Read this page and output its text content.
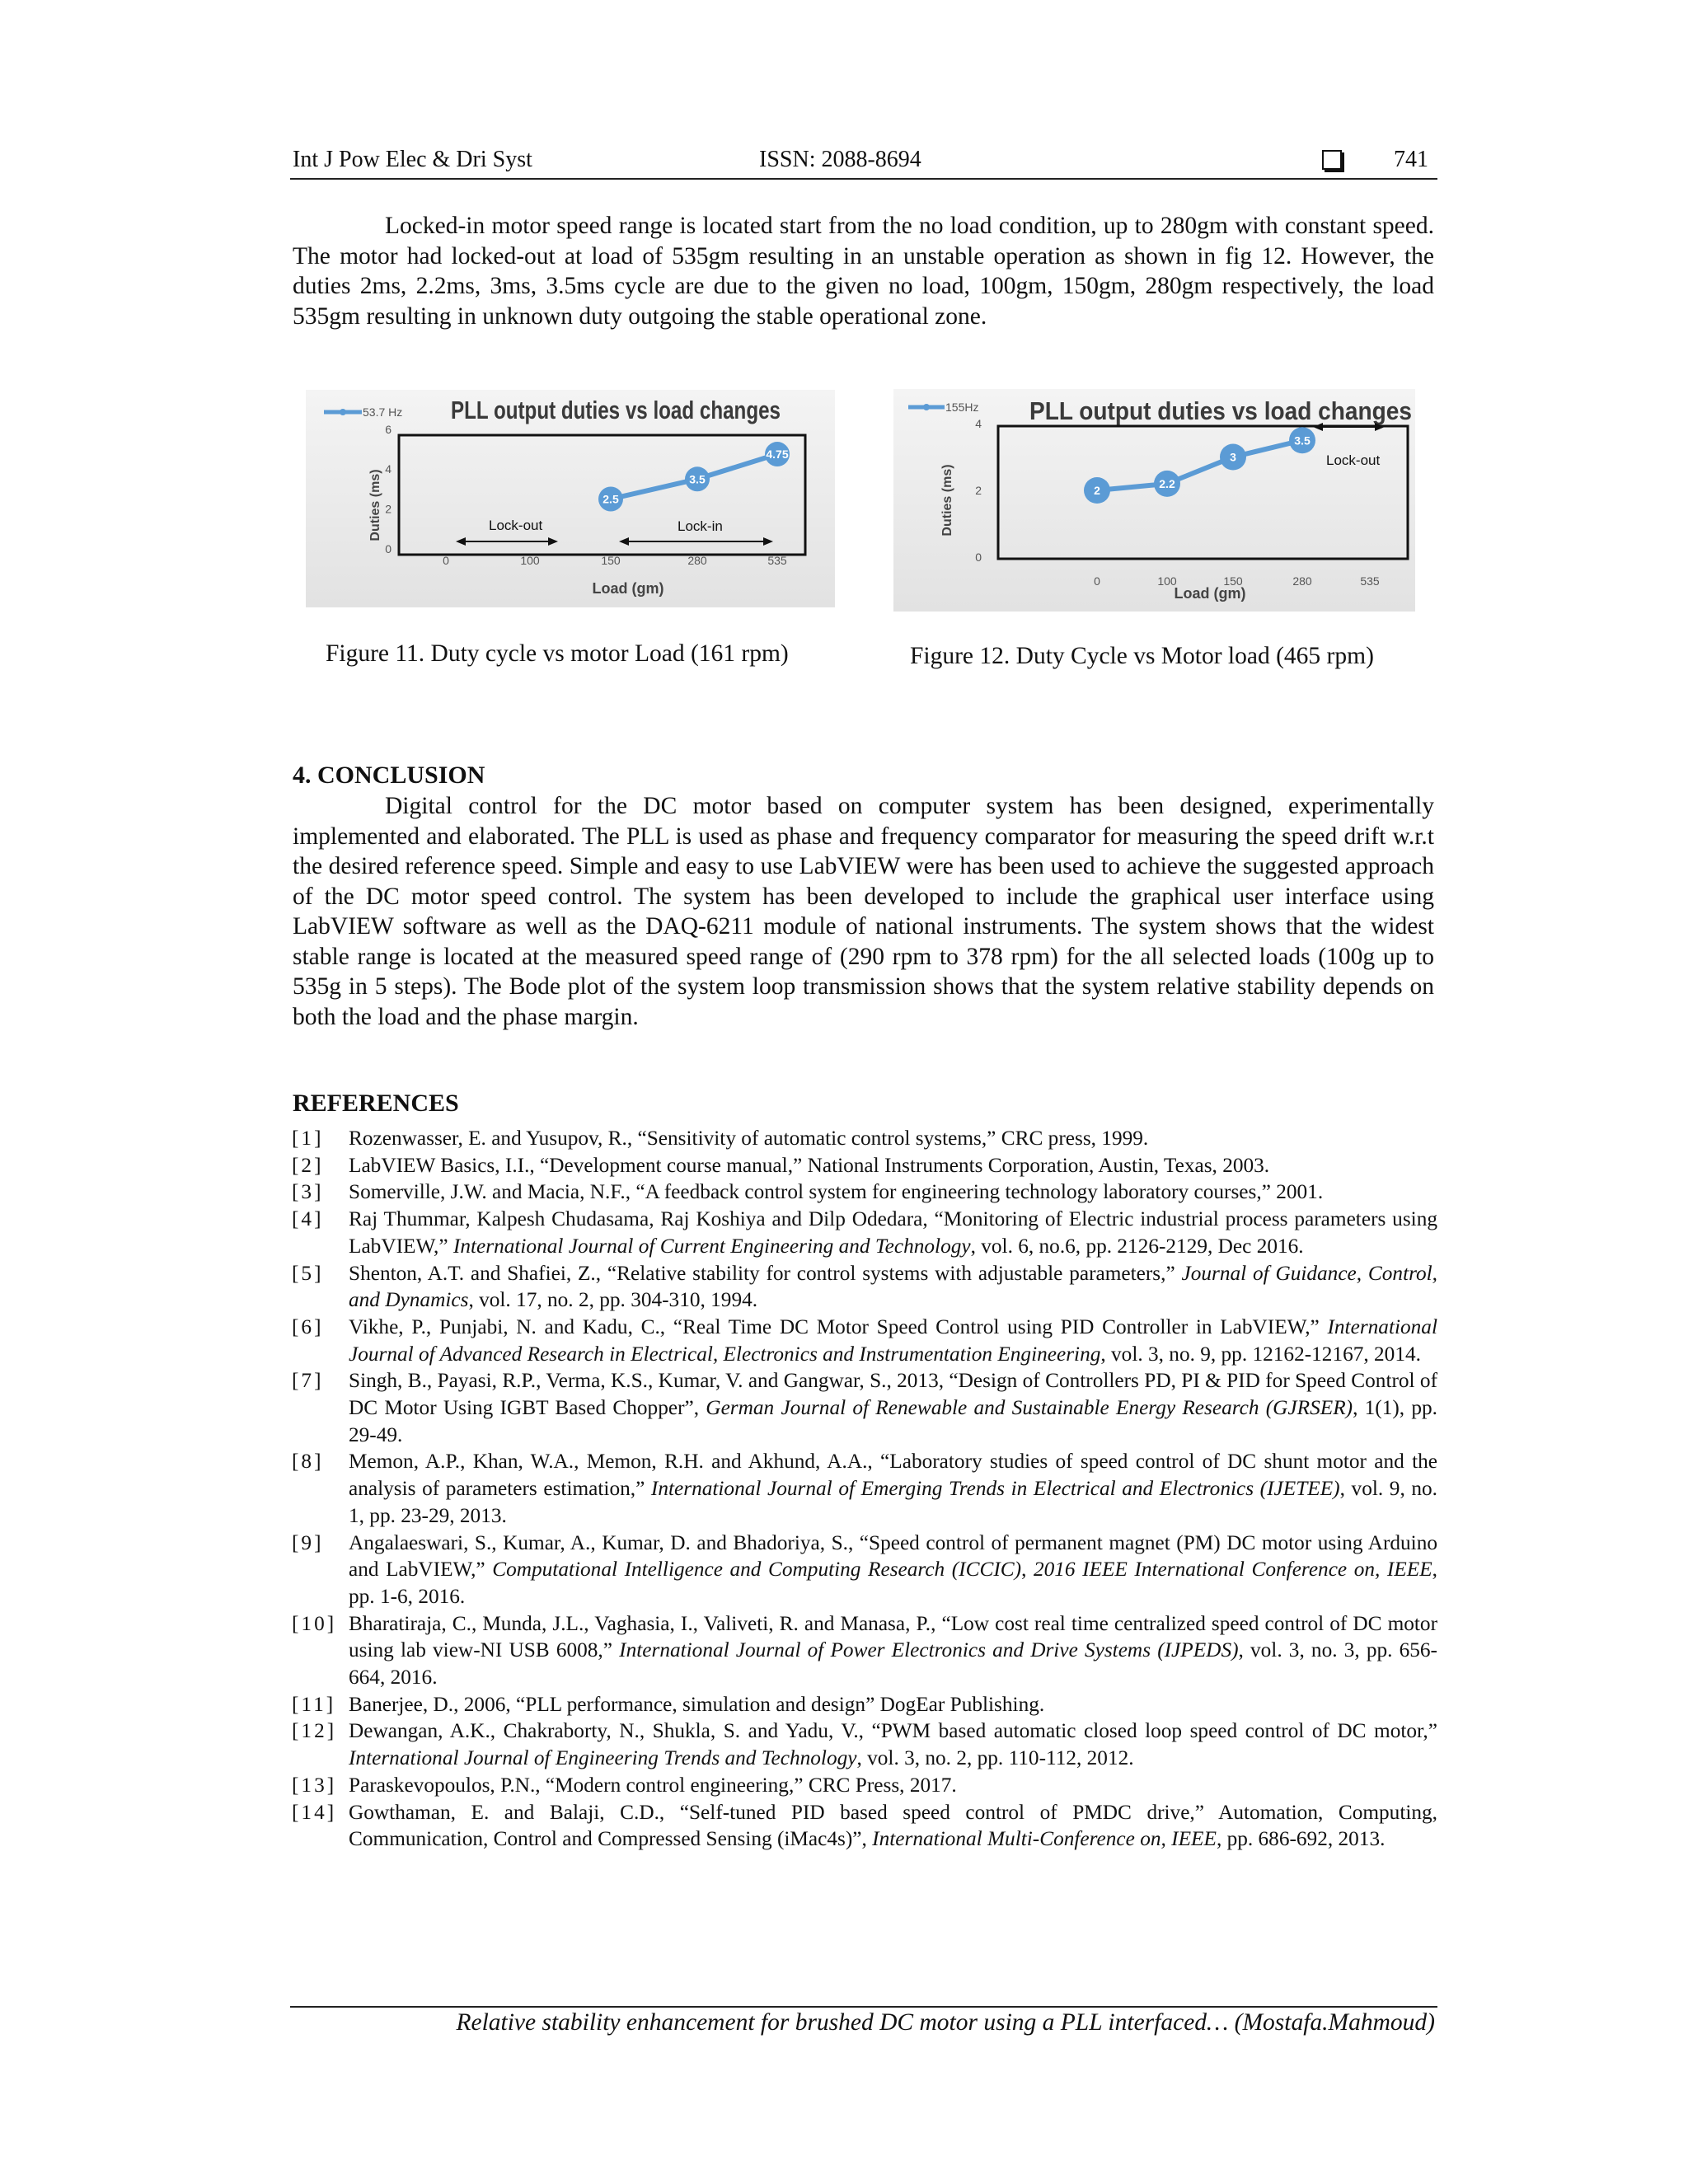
Int J Pow Elec & Dri Syst	ISSN: 2088-8694	741
Locked-in motor speed range is located start from the no load condition, up to 280gm with constant speed. The motor had locked-out at load of 535gm resulting in an unstable operation as shown in fig 12. However, the duties 2ms, 2.2ms, 3ms, 3.5ms cycle are due to the given no load, 100gm, 150gm, 280gm respectively, the load 535gm resulting in unknown duty outgoing the stable operational zone.
53.7 Hz PLL output duties vs load changes
Duties (ms)
Load (gm)
0
2
4
6
0	100	150	280	535
Lock-out	Lock-in
2.5
3.5
4.75
Figure 11. Duty cycle vs motor Load (161 rpm)
155Hz PLL output duties vs load changes
Duties (ms)
Load (gm)
0
2
4
0	100	150	280	535
Lock-out
2
2.2
3
3.5
Figure 12. Duty Cycle vs Motor load (465 rpm)
4. CONCLUSION
Digital control for the DC motor based on computer system has been designed, experimentally implemented and elaborated. The PLL is used as phase and frequency comparator for measuring the speed drift w.r.t the desired reference speed. Simple and easy to use LabVIEW were has been used to achieve the suggested approach of the DC motor speed control. The system has been developed to include the graphical user interface using LabVIEW software as well as the DAQ-6211 module of national instruments. The system shows that the widest stable range is located at the measured speed range of (290 rpm to 378 rpm) for the all selected loads (100g up to 535g in 5 steps). The Bode plot of the system loop transmission shows that the system relative stability depends on both the load and the phase margin.
REFERENCES
[1] Rozenwasser, E. and Yusupov, R., “Sensitivity of automatic control systems,” CRC press, 1999.
[2] LabVIEW Basics, I.I., “Development course manual,” National Instruments Corporation, Austin, Texas, 2003.
[3] Somerville, J.W. and Macia, N.F., “A feedback control system for engineering technology laboratory courses,” 2001.
[4] Raj Thummar, Kalpesh Chudasama, Raj Koshiya and Dilp Odedara, “Monitoring of Electric industrial process parameters using LabVIEW,” International Journal of Current Engineering and Technology, vol. 6, no.6, pp. 2126-2129, Dec 2016.
[5] Shenton, A.T. and Shafiei, Z., “Relative stability for control systems with adjustable parameters,” Journal of Guidance, Control, and Dynamics, vol. 17, no. 2, pp. 304-310, 1994.
[6] Vikhe, P., Punjabi, N. and Kadu, C., “Real Time DC Motor Speed Control using PID Controller in LabVIEW,” International Journal of Advanced Research in Electrical, Electronics and Instrumentation Engineering, vol. 3, no. 9, pp. 12162-12167, 2014.
[7] Singh, B., Payasi, R.P., Verma, K.S., Kumar, V. and Gangwar, S., 2013, “Design of Controllers PD, PI & PID for Speed Control of DC Motor Using IGBT Based Chopper”, German Journal of Renewable and Sustainable Energy Research (GJRSER), 1(1), pp. 29-49.
[8] Memon, A.P., Khan, W.A., Memon, R.H. and Akhund, A.A., “Laboratory studies of speed control of DC shunt motor and the analysis of parameters estimation,” International Journal of Emerging Trends in Electrical and Electronics (IJETEE), vol. 9, no. 1, pp. 23-29, 2013.
[9] Angalaeswari, S., Kumar, A., Kumar, D. and Bhadoriya, S., “Speed control of permanent magnet (PM) DC motor using Arduino and LabVIEW,” Computational Intelligence and Computing Research (ICCIC), 2016 IEEE International Conference on, IEEE, pp. 1-6, 2016.
[10] Bharatiraja, C., Munda, J.L., Vaghasia, I., Valiveti, R. and Manasa, P., “Low cost real time centralized speed control of DC motor using lab view-NI USB 6008,” International Journal of Power Electronics and Drive Systems (IJPEDS), vol. 3, no. 3, pp. 656-664, 2016.
[11] Banerjee, D., 2006, “PLL performance, simulation and design” DogEar Publishing.
[12] Dewangan, A.K., Chakraborty, N., Shukla, S. and Yadu, V., “PWM based automatic closed loop speed control of DC motor,” International Journal of Engineering Trends and Technology, vol. 3, no. 2, pp. 110-112, 2012.
[13] Paraskevopoulos, P.N., “Modern control engineering,” CRC Press, 2017.
[14] Gowthaman, E. and Balaji, C.D., “Self-tuned PID based speed control of PMDC drive,” Automation, Computing, Communication, Control and Compressed Sensing (iMac4s)”, International Multi-Conference on, IEEE, pp. 686-692, 2013.
Relative stability enhancement for brushed DC motor using a PLL interfaced… (Mostafa.Mahmoud)
